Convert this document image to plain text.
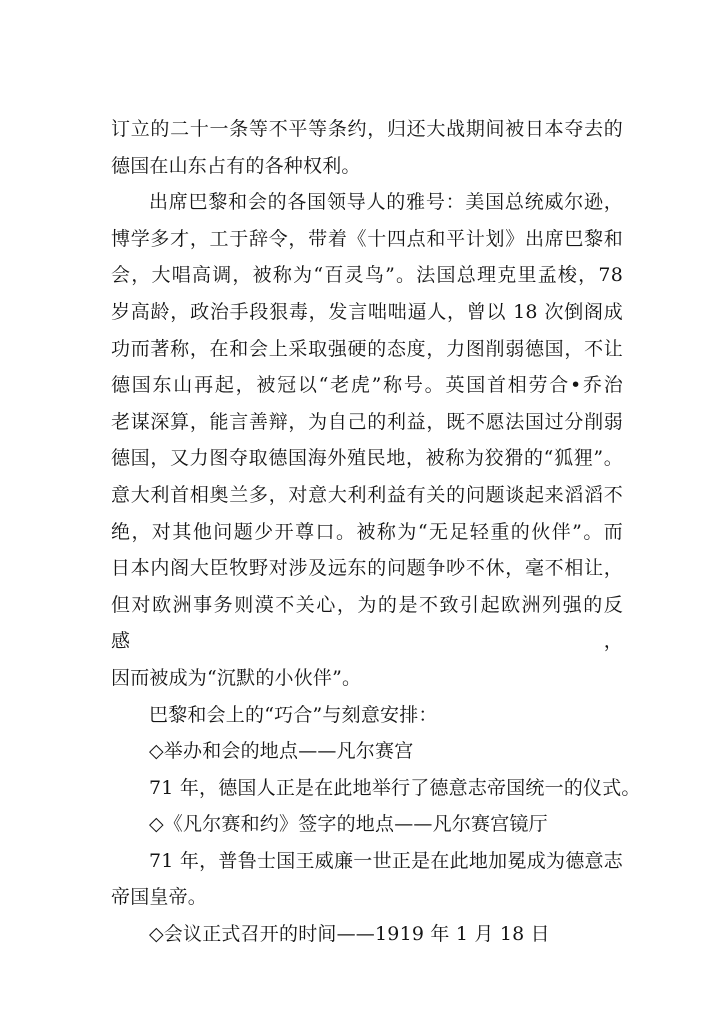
订立的二十一条等不平等条约，归还大战期间被日本夺去的
德国在山东占有的各种权利。
出席巴黎和会的各国领导人的雅号：美国总统威尔逊，
博学多才，工于辞令，带着《十四点和平计划》出席巴黎和
会，大唱高调，被称为“百灵鸟”。法国总理克里孟梭，78
岁高龄，政治手段狠毒，发言咄咄逼人，曾以 18 次倒阁成
功而著称，在和会上采取强硬的态度，力图削弱德国，不让
德国东山再起，被冠以“老虎”称号。英国首相劳合•乔治
老谋深算，能言善辩，为自己的利益，既不愿法国过分削弱
德国，又力图夺取德国海外殖民地，被称为狡猾的“狐狸”。
意大利首相奥兰多，对意大利利益有关的问题谈起来滔滔不
绝，对其他问题少开尊口。被称为“无足轻重的伙伴”。而
日本内阁大臣牧野对涉及远东的问题争吵不休，毫不相让，
但对欧洲事务则漠不关心，为的是不致引起欧洲列强的反感，
因而被成为“沉默的小伙伴”。
巴黎和会上的“巧合”与刻意安排：
◇举办和会的地点——凡尔赛宫
71 年，德国人正是在此地举行了德意志帝国统一的仪式。
◇《凡尔赛和约》签字的地点——凡尔赛宫镜厅
71 年，普鲁士国王威廉一世正是在此地加冕成为德意志
帝国皇帝。
◇会议正式召开的时间——1919 年 1 月 18 日
